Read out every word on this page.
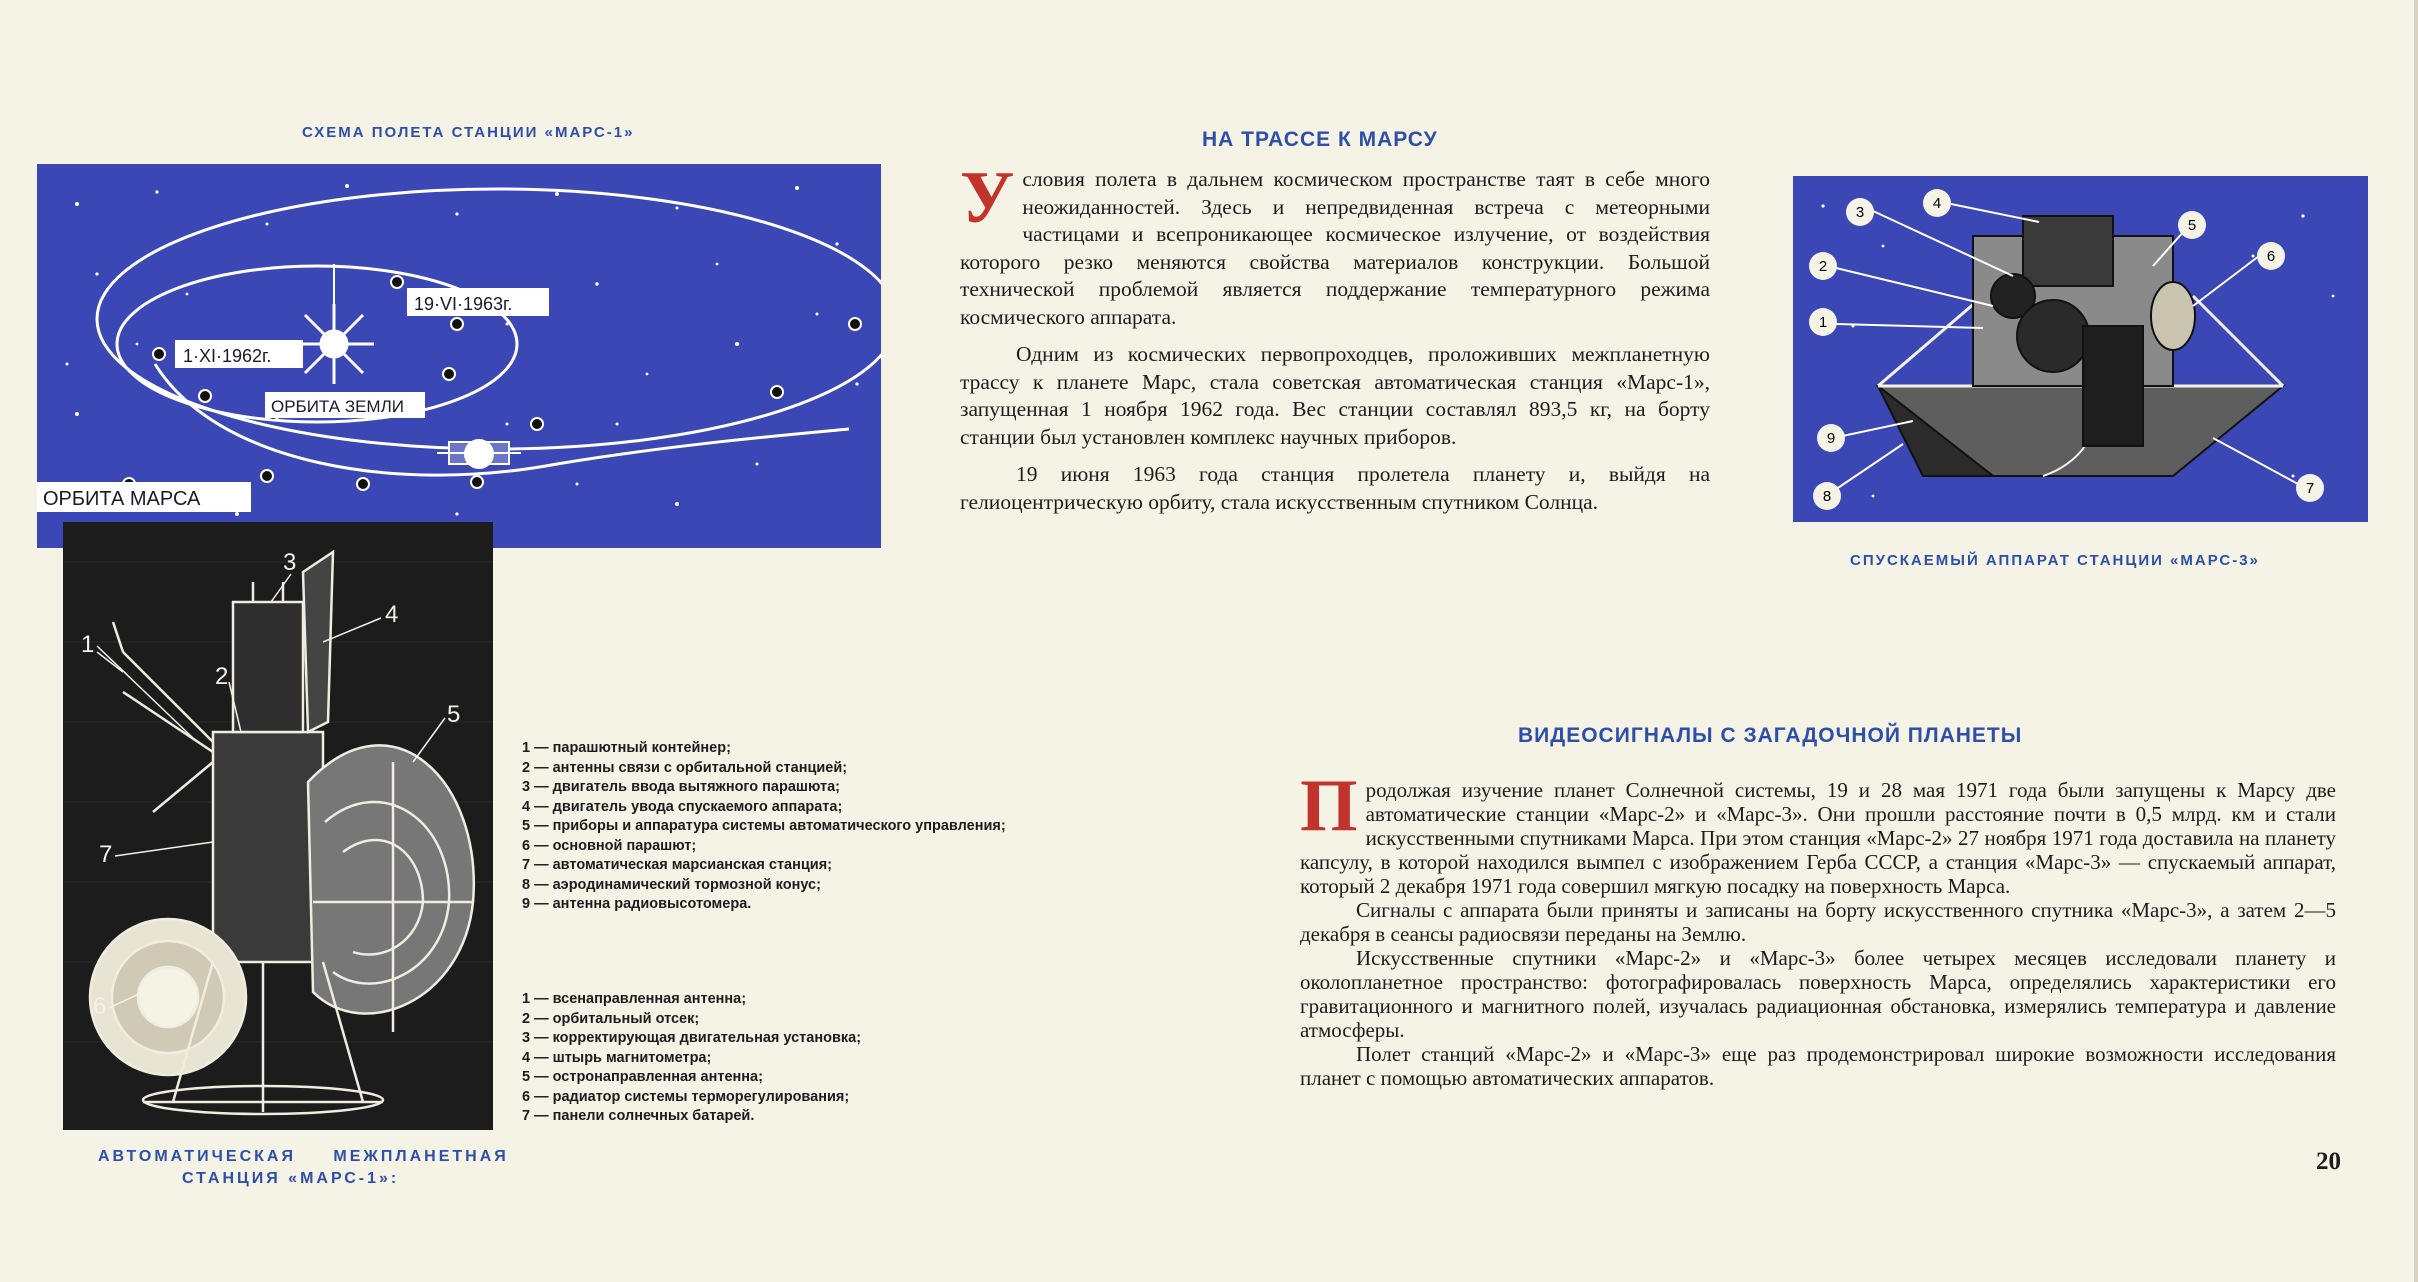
СХЕМА ПОЛЕТА СТАНЦИИ «МАРС-1»
1·XI·1962г.
19·VI·1963г.
ОРБИТА ЗЕМЛИ
ОРБИТА МАРСА
1
2
3
4
5
6
7
АВТОМАТИЧЕСКАЯ МЕЖПЛАНЕТНАЯ
СТАНЦИЯ «МАРС-1»:
НА ТРАССЕ К МАРСУ

Условия полета в дальнем космическом пространстве таят в себе много неожиданностей. Здесь и непредвиденная встреча с метеорными частицами и всепроникающее космическое излучение, от воздействия которого резко меняются свойства материалов конструкции. Большой технической проблемой является поддержание температурного режима космического аппарата.

Одним из космических первопроходцев, проложивших межпланетную трассу к планете Марс, стала советская автоматическая станция «Марс-1», запущенная 1 ноября 1962 года. Вес станции составлял 893,5 кг, на борту станции был установлен комплекс научных приборов.

19 июня 1963 года станция пролетела планету и, выйдя на гелиоцентрическую орбиту, стала искусственным спутником Солнца.

1
2
3
4
5
6
7
8
9
СПУСКАЕМЫЙ АППАРАТ СТАНЦИИ «МАРС-3»
1 — парашютный контейнер;
2 — антенны связи с орбитальной станцией;
3 — двигатель ввода вытяжного парашюта;
4 — двигатель увода спускаемого аппарата;
5 — приборы и аппаратура системы автоматического управления;
6 — основной парашют;
7 — автоматическая марсианская станция;
8 — аэродинамический тормозной конус;
9 — антенна радиовысотомера.
1 — всенаправленная антенна;
2 — орбитальный отсек;
3 — корректирующая двигательная установка;
4 — штырь магнитометра;
5 — остронаправленная антенна;
6 — радиатор системы терморегулирования;
7 — панели солнечных батарей.
ВИДЕОСИГНАЛЫ С ЗАГАДОЧНОЙ ПЛАНЕТЫ

Продолжая изучение планет Солнечной системы, 19 и 28 мая 1971 года были запущены к Марсу две автоматические станции «Марс-2» и «Марс-3». Они прошли расстояние почти в 0,5 млрд. км и стали искусственными спутниками Марса. При этом станция «Марс-2» 27 ноября 1971 года доставила на планету капсулу, в которой находился вымпел с изображением Герба СССР, а станция «Марс-3» — спускаемый аппарат, который 2 декабря 1971 года совершил мягкую посадку на поверхность Марса.

Сигналы с аппарата были приняты и записаны на борту искусственного спутника «Марс-3», а затем 2—5 декабря в сеансы радиосвязи переданы на Землю.

Искусственные спутники «Марс-2» и «Марс-3» более четырех месяцев исследовали планету и околопланетное пространство: фотографировалась поверхность Марса, определялись характеристики его гравитационного и магнитного полей, изучалась радиационная обстановка, измерялись температура и давление атмосферы.

Полет станций «Марс-2» и «Марс-3» еще раз продемонстрировал широкие возможности исследования планет с помощью автоматических аппаратов.

20
